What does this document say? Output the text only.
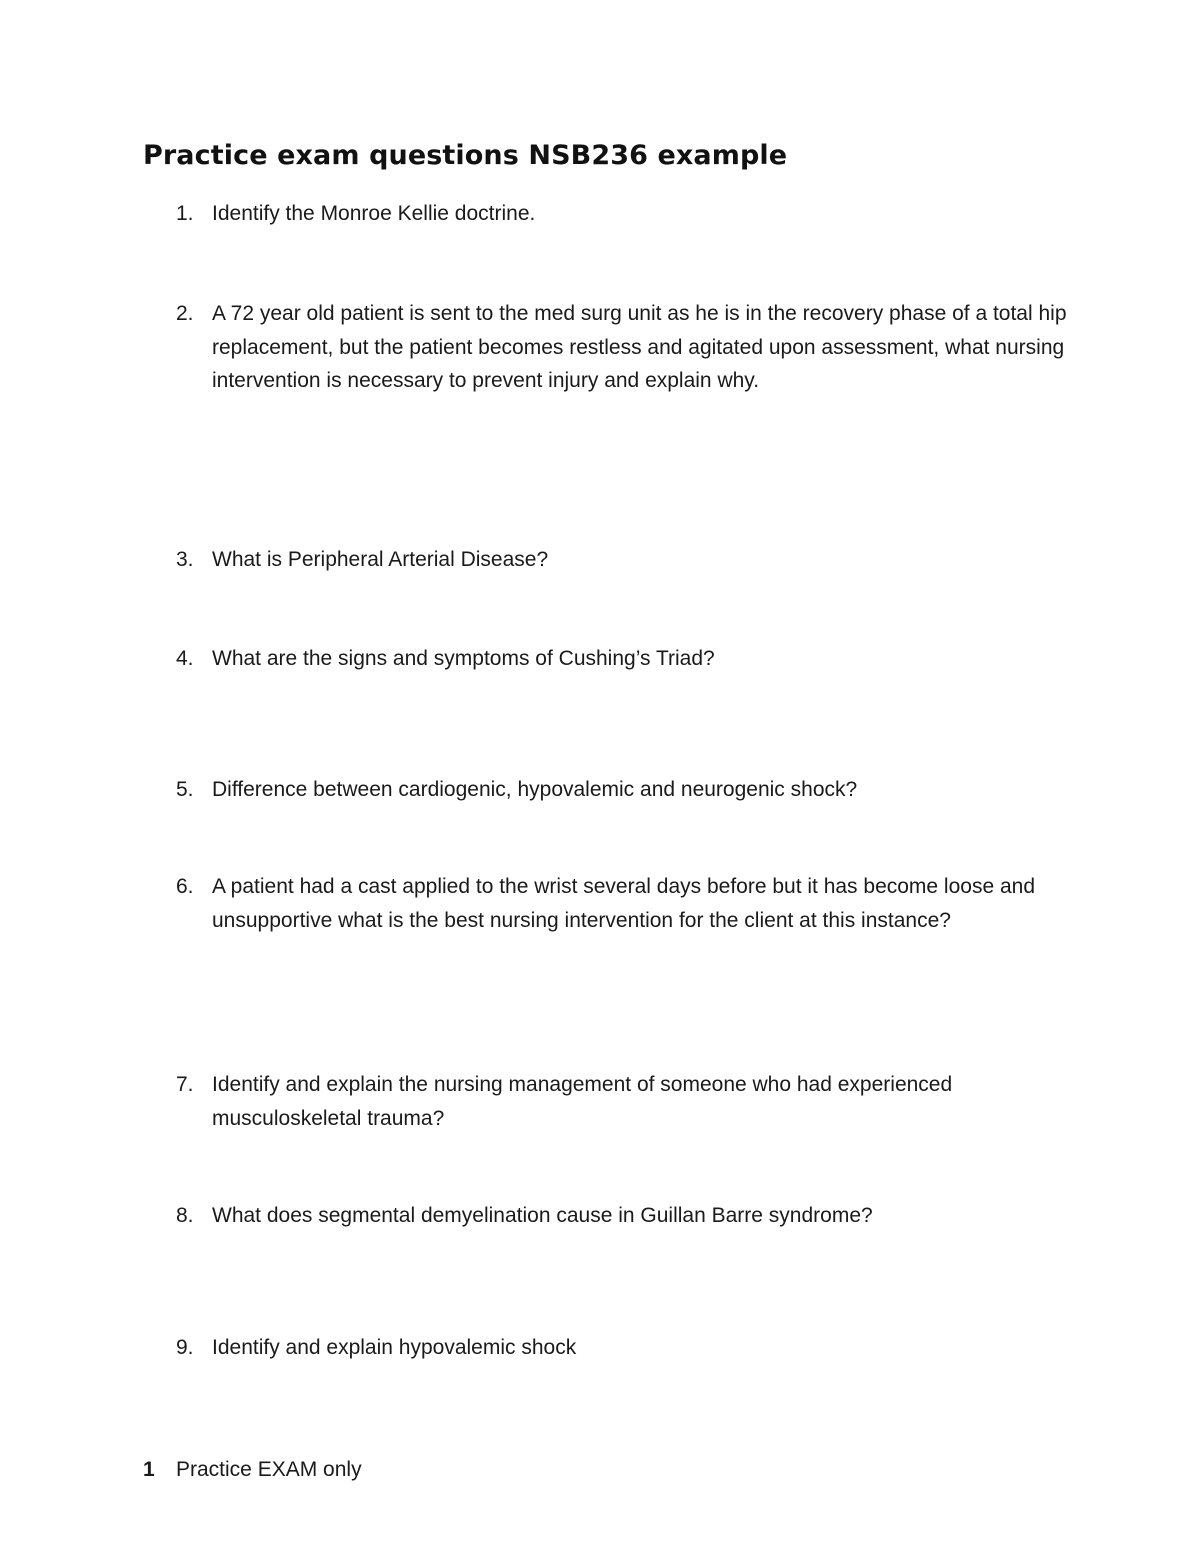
Practice exam questions NSB236 example
1. Identify the Monroe Kellie doctrine.
2. A 72 year old patient is sent to the med surg unit as he is in the recovery phase of a total hip replacement, but the patient becomes restless and agitated upon assessment, what nursing intervention is necessary to prevent injury and explain why.
3. What is Peripheral Arterial Disease?
4. What are the signs and symptoms of Cushing’s Triad?
5. Difference between cardiogenic, hypovalemic and neurogenic shock?
6. A patient had a cast applied to the wrist several days before but it has become loose and unsupportive what is the best nursing intervention for the client at this instance?
7. Identify and explain the nursing management of someone who had experienced musculoskeletal trauma?
8. What does segmental demyelination cause in Guillan Barre syndrome?
9. Identify and explain hypovalemic shock
1 Practice EXAM only
